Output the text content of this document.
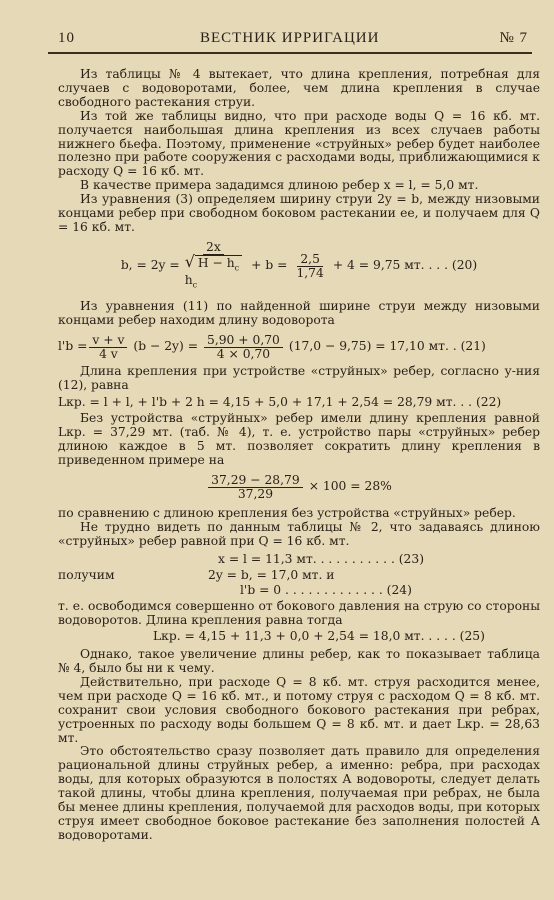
10	ВЕСТНИК ИРРИГАЦИИ	№ 7

Из таблицы № 4 вытекает, что длина крепления, потребная для случаев с водоворотами, более, чем длина крепления в случае свободного растекания струи.

Из той же таблицы видно, что при расходе воды Q = 16 кб. мт. получается наибольшая длина крепления из всех случаев работы нижнего бьефа. Поэтому, применение «струйных» ребер будет наиболее полезно при работе сооружения с расходами воды, приближающимися к расходу Q = 16 кб. мт.

В качестве примера зададимся длиною ребер x = l, = 5,0 мт.

Из уравнения (3) определяем ширину струи 2y = b, между низовыми концами ребер при свободном боковом растекании ее, и получаем для Q = 16 кб. мт.

b, = 2y =
2x
√ $H - h_c$
$h_c$
+ $b = \frac{2,5}{1,74} + 4 = 9,75$ мт. . . . (20)

Из уравнения (11) по найденной ширине струи между низовыми концами ребер находим длину водоворота

$l'b = \frac{v + v}{4 v} (b - 2y) = \frac{5,90 + 0,70}{4 \times 0,70} (17,0 - 9,75) = 17,10$ мт. . (21)

Длина крепления при устройстве «струйных» ребер, согласно у-ния (12), равна

Lкр. = l + l, + l'b + 2 h = 4,15 + 5,0 + 17,1 + 2,54 = 28,79 мт. . . (22)

Без устройства «струйных» ребер имели длину крепления равной Lкр. = 37,29 мт. (таб. № 4), т. е. устройство пары «струйных» ребер длиною каждое в 5 мт. позволяет сократить длину крепления в приведенном примере на

$\frac{37,29 - 28,79}{37,29} \times 100 = 28\%$

по сравнению с длиною крепления без устройства «струйных» ребер.

Не трудно видеть по данным таблицы № 2, что задаваясь длиною «струйных» ребер равной при Q = 16 кб. мт.

x = l = 11,3 мт. . . . . . . . . . . (23)
получим	2y = b, = 17,0 мт. и
l'b = 0 . . . . . . . . . . . . . (24)

т. е. освободимся совершенно от бокового давления на струю со стороны водоворотов. Длина крепления равна тогда

Lкр. = 4,15 + 11,3 + 0,0 + 2,54 = 18,0 мт. . . . . (25)

Однако, такое увеличение длины ребер, как то показывает таблица № 4, было бы ни к чему.

Действительно, при расходе Q = 8 кб. мт. струя расходится менее, чем при расходе Q = 16 кб. мт., и потому струя с расходом Q = 8 кб. мт. сохранит свои условия свободного бокового растекания при ребрах, устроенных по расходу воды большем Q = 8 кб. мт. и дает Lкр. = 28,63 мт.

Это обстоятельство сразу позволяет дать правило для определения рациональной длины струйных ребер, а именно: ребра, при расходах воды, для которых образуются в полостях А водовороты, следует делать такой длины, чтобы длина крепления, получаемая при ребрах, не была бы менее длины крепления, получаемой для расходов воды, при которых струя имеет свободное боковое растекание без заполнения полостей А водоворотами.
